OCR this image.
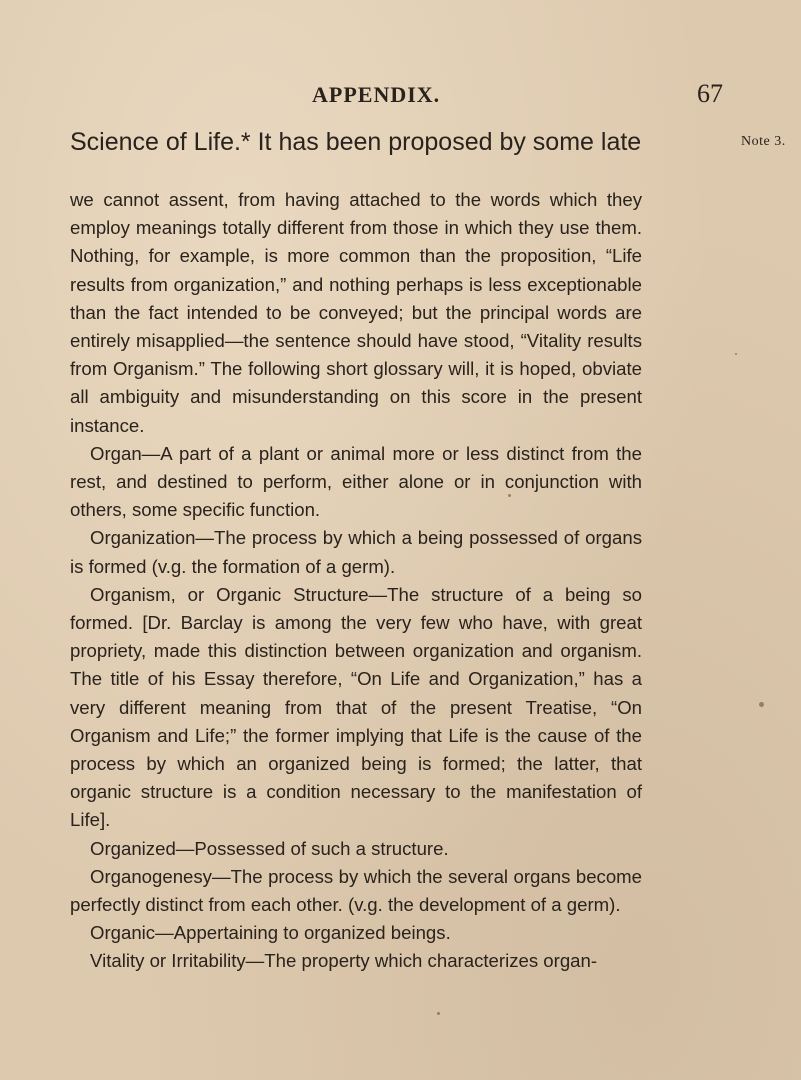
APPENDIX.	67
Science of Life.* It has been proposed by some late	Note 3.

we cannot assent, from having attached to the words which they employ meanings totally different from those in which they use them. Nothing, for example, is more common than the proposition, “Life results from organization,” and nothing perhaps is less exceptionable than the fact intended to be conveyed; but the principal words are entirely misapplied—the sentence should have stood, “Vitality results from Organism.” The following short glossary will, it is hoped, obviate all ambiguity and misunderstanding on this score in the present instance.

Organ—A part of a plant or animal more or less distinct from the rest, and destined to perform, either alone or in conjunction with others, some specific function.

Organization—The process by which a being possessed of organs is formed (v.g. the formation of a germ).

Organism, or Organic Structure—The structure of a being so formed. [Dr. Barclay is among the very few who have, with great propriety, made this distinction between organization and organism. The title of his Essay therefore, “On Life and Organization,” has a very different meaning from that of the present Treatise, “On Organism and Life;” the former implying that Life is the cause of the process by which an organized being is formed; the latter, that organic structure is a condition necessary to the manifestation of Life].

Organized—Possessed of such a structure.

Organogenesy—The process by which the several organs become perfectly distinct from each other. (v.g. the development of a germ).

Organic—Appertaining to organized beings.

Vitality or Irritability—The property which characterizes organ-
